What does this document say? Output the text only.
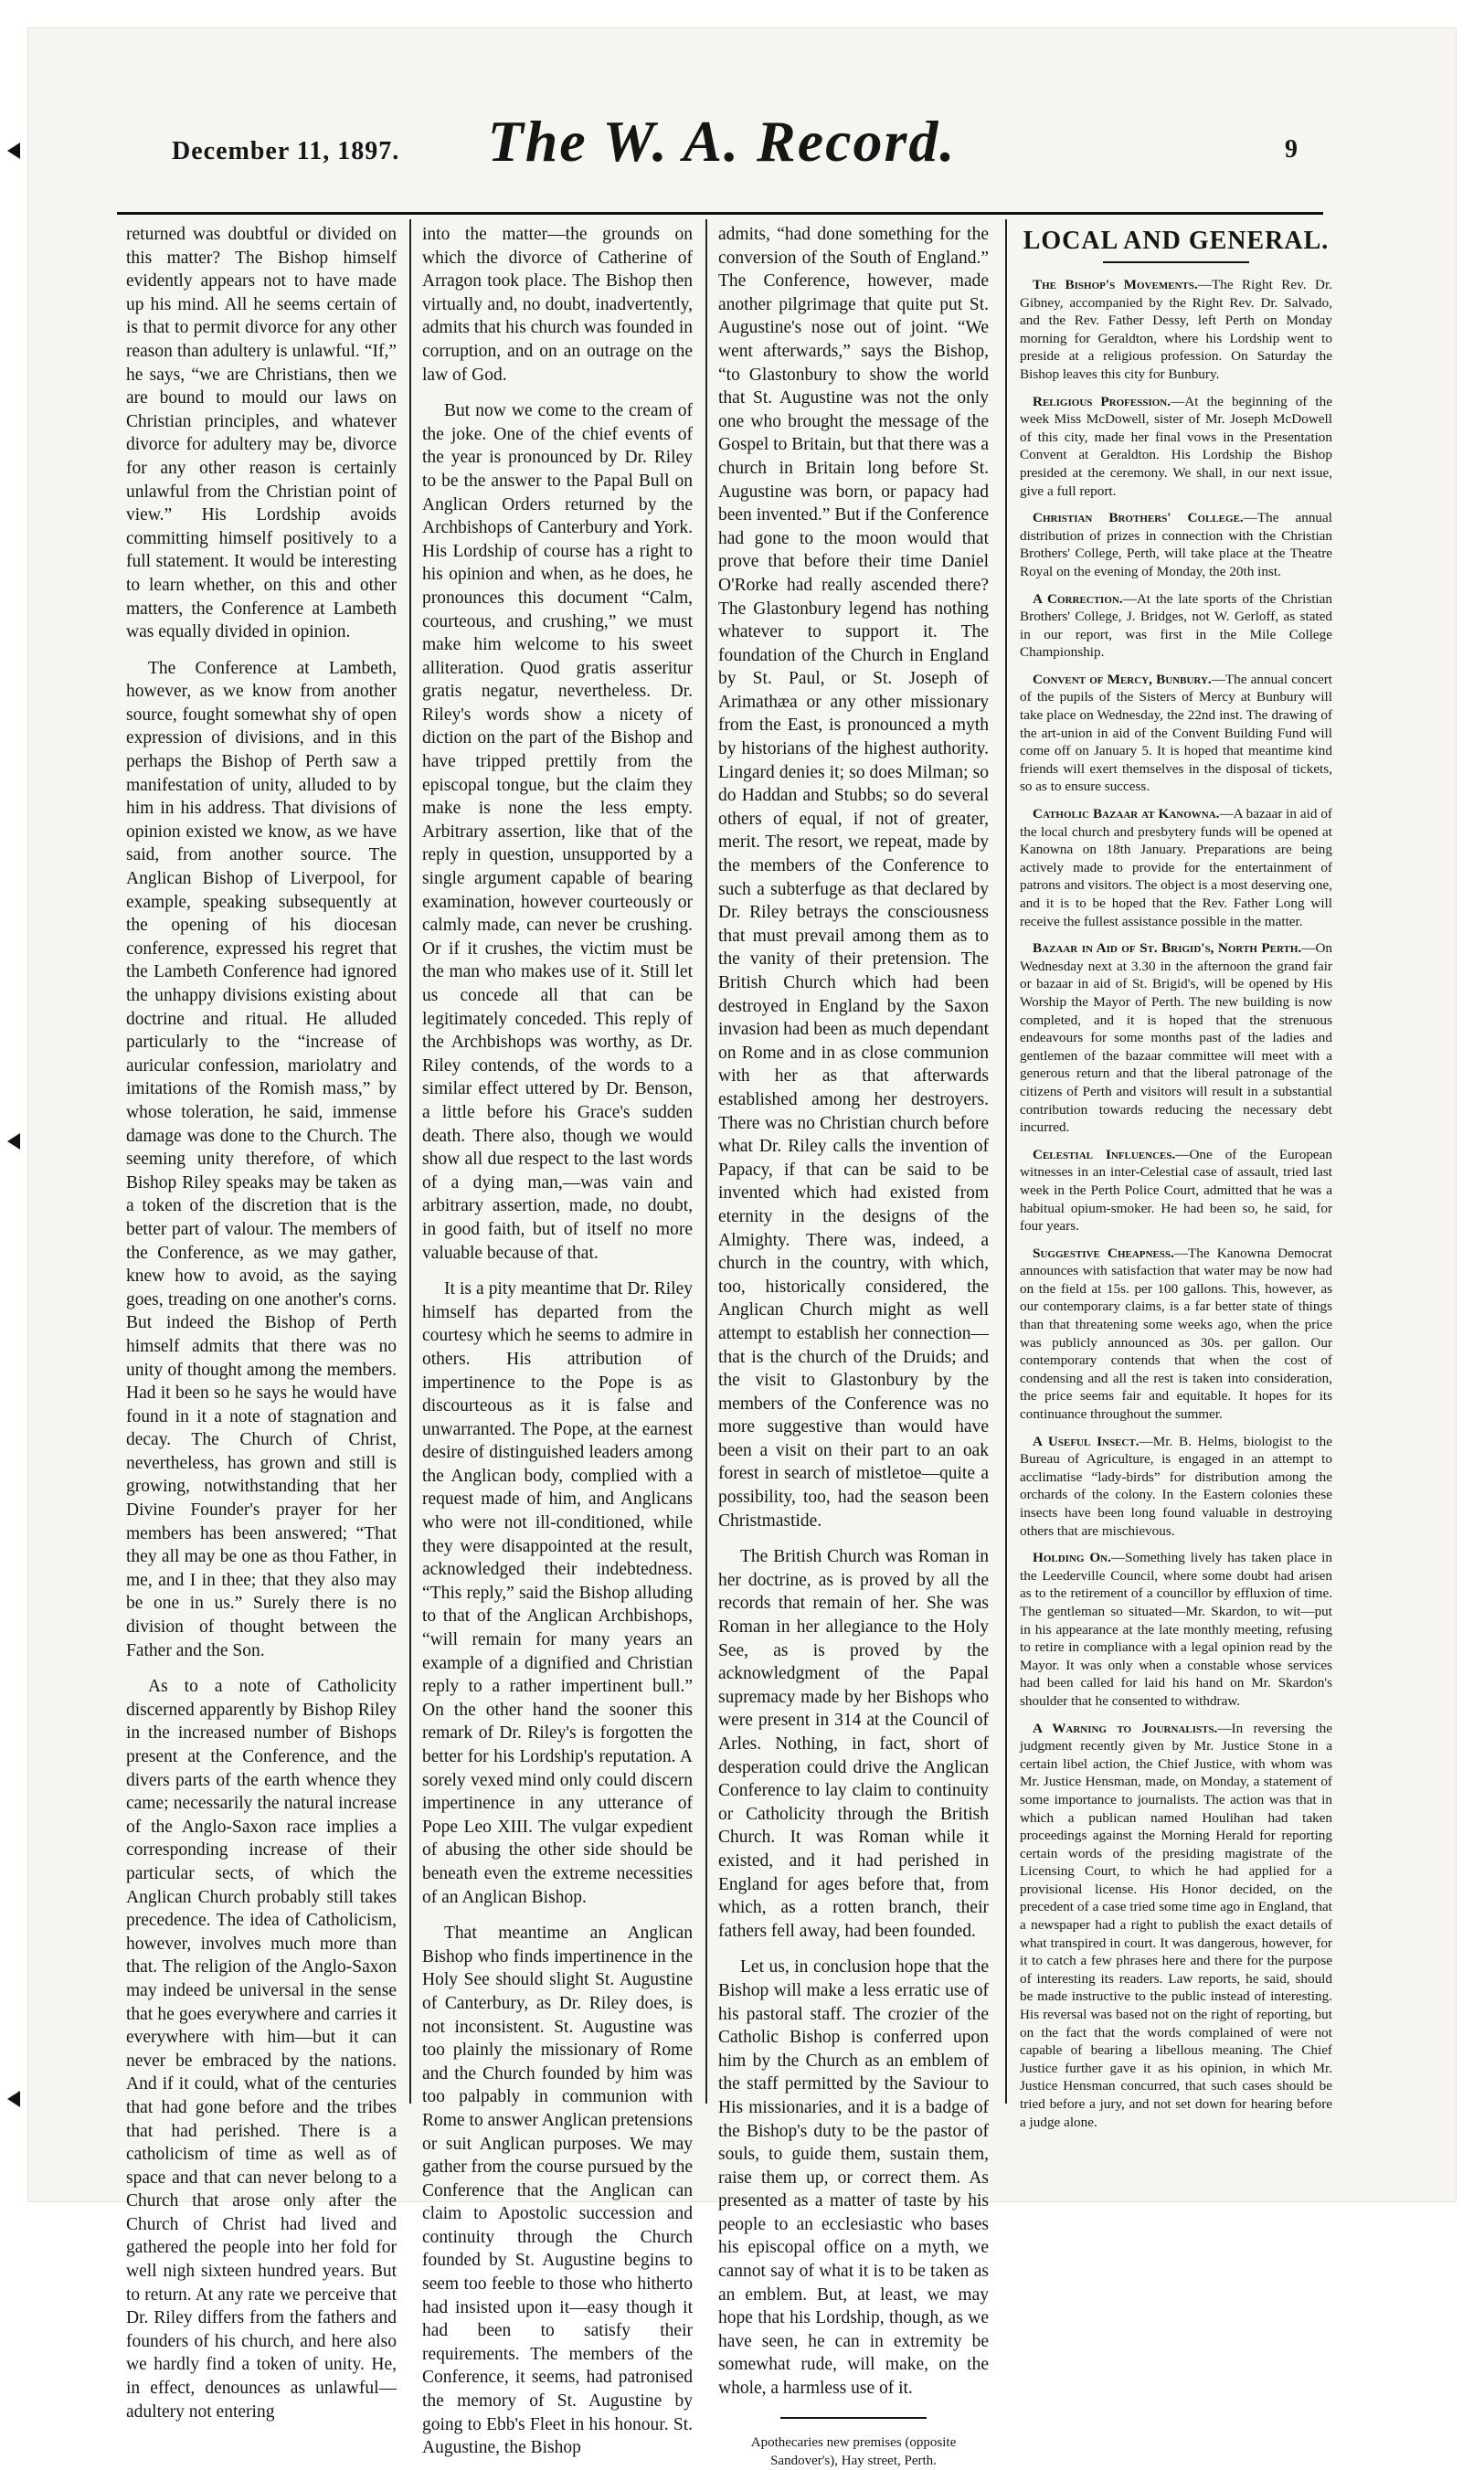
December 11, 1897.	The W. A. Record.	9

returned was doubtful or divided on this matter? The Bishop himself evidently appears not to have made up his mind. All he seems certain of is that to permit divorce for any other reason than adultery is unlawful. “If,” he says, “we are Christians, then we are bound to mould our laws on Christian principles, and whatever divorce for adultery may be, divorce for any other reason is certainly unlawful from the Christian point of view.” His Lordship avoids committing himself positively to a full statement. It would be interesting to learn whether, on this and other matters, the Conference at Lambeth was equally divided in opinion.

The Conference at Lambeth, however, as we know from another source, fought somewhat shy of open expression of divisions, and in this perhaps the Bishop of Perth saw a manifestation of unity, alluded to by him in his address. That divisions of opinion existed we know, as we have said, from another source. The Anglican Bishop of Liverpool, for example, speaking subsequently at the opening of his diocesan conference, expressed his regret that the Lambeth Conference had ignored the unhappy divisions existing about doctrine and ritual. He alluded particularly to the “increase of auricular confession, mariolatry and imitations of the Romish mass,” by whose toleration, he said, immense damage was done to the Church. The seeming unity therefore, of which Bishop Riley speaks may be taken as a token of the discretion that is the better part of valour. The members of the Conference, as we may gather, knew how to avoid, as the saying goes, treading on one another's corns. But indeed the Bishop of Perth himself admits that there was no unity of thought among the members. Had it been so he says he would have found in it a note of stagnation and decay. The Church of Christ, nevertheless, has grown and still is growing, notwithstanding that her Divine Founder's prayer for her members has been answered; “That they all may be one as thou Father, in me, and I in thee; that they also may be one in us.” Surely there is no division of thought between the Father and the Son.

As to a note of Catholicity discerned apparently by Bishop Riley in the increased number of Bishops present at the Conference, and the divers parts of the earth whence they came; necessarily the natural increase of the Anglo-Saxon race implies a corresponding increase of their particular sects, of which the Anglican Church probably still takes precedence. The idea of Catholicism, however, involves much more than that. The religion of the Anglo-Saxon may indeed be universal in the sense that he goes everywhere and carries it everywhere with him—but it can never be embraced by the nations. And if it could, what of the centuries that had gone before and the tribes that had perished. There is a catholicism of time as well as of space and that can never belong to a Church that arose only after the Church of Christ had lived and gathered the people into her fold for well nigh sixteen hundred years. But to return. At any rate we perceive that Dr. Riley differs from the fathers and founders of his church, and here also we hardly find a token of unity. He, in effect, denounces as unlawful—adultery not entering

into the matter—the grounds on which the divorce of Catherine of Arragon took place. The Bishop then virtually and, no doubt, inadvertently, admits that his church was founded in corruption, and on an outrage on the law of God.

But now we come to the cream of the joke. One of the chief events of the year is pronounced by Dr. Riley to be the answer to the Papal Bull on Anglican Orders returned by the Archbishops of Canterbury and York. His Lordship of course has a right to his opinion and when, as he does, he pronounces this document “Calm, courteous, and crushing,” we must make him welcome to his sweet alliteration. Quod gratis asseritur gratis negatur, nevertheless. Dr. Riley's words show a nicety of diction on the part of the Bishop and have tripped prettily from the episcopal tongue, but the claim they make is none the less empty. Arbitrary assertion, like that of the reply in question, unsupported by a single argument capable of bearing examination, however courteously or calmly made, can never be crushing. Or if it crushes, the victim must be the man who makes use of it. Still let us concede all that can be legitimately conceded. This reply of the Archbishops was worthy, as Dr. Riley contends, of the words to a similar effect uttered by Dr. Benson, a little before his Grace's sudden death. There also, though we would show all due respect to the last words of a dying man,—was vain and arbitrary assertion, made, no doubt, in good faith, but of itself no more valuable because of that.

It is a pity meantime that Dr. Riley himself has departed from the courtesy which he seems to admire in others. His attribution of impertinence to the Pope is as discourteous as it is false and unwarranted. The Pope, at the earnest desire of distinguished leaders among the Anglican body, complied with a request made of him, and Anglicans who were not ill-conditioned, while they were disappointed at the result, acknowledged their indebtedness. “This reply,” said the Bishop alluding to that of the Anglican Archbishops, “will remain for many years an example of a dignified and Christian reply to a rather impertinent bull.” On the other hand the sooner this remark of Dr. Riley's is forgotten the better for his Lordship's reputation. A sorely vexed mind only could discern impertinence in any utterance of Pope Leo XIII. The vulgar expedient of abusing the other side should be beneath even the extreme necessities of an Anglican Bishop.

That meantime an Anglican Bishop who finds impertinence in the Holy See should slight St. Augustine of Canterbury, as Dr. Riley does, is not inconsistent. St. Augustine was too plainly the missionary of Rome and the Church founded by him was too palpably in communion with Rome to answer Anglican pretensions or suit Anglican purposes. We may gather from the course pursued by the Conference that the Anglican can claim to Apostolic succession and continuity through the Church founded by St. Augustine begins to seem too feeble to those who hitherto had insisted upon it—easy though it had been to satisfy their requirements. The members of the Conference, it seems, had patronised the memory of St. Augustine by going to Ebb's Fleet in his honour. St. Augustine, the Bishop

admits, “had done something for the conversion of the South of England.” The Conference, however, made another pilgrimage that quite put St. Augustine's nose out of joint. “We went afterwards,” says the Bishop, “to Glastonbury to show the world that St. Augustine was not the only one who brought the message of the Gospel to Britain, but that there was a church in Britain long before St. Augustine was born, or papacy had been invented.” But if the Conference had gone to the moon would that prove that before their time Daniel O'Rorke had really ascended there? The Glastonbury legend has nothing whatever to support it. The foundation of the Church in England by St. Paul, or St. Joseph of Arimathæa or any other missionary from the East, is pronounced a myth by historians of the highest authority. Lingard denies it; so does Milman; so do Haddan and Stubbs; so do several others of equal, if not of greater, merit. The resort, we repeat, made by the members of the Conference to such a subterfuge as that declared by Dr. Riley betrays the consciousness that must prevail among them as to the vanity of their pretension. The British Church which had been destroyed in England by the Saxon invasion had been as much dependant on Rome and in as close communion with her as that afterwards established among her destroyers. There was no Christian church before what Dr. Riley calls the invention of Papacy, if that can be said to be invented which had existed from eternity in the designs of the Almighty. There was, indeed, a church in the country, with which, too, historically considered, the Anglican Church might as well attempt to establish her connection—that is the church of the Druids; and the visit to Glastonbury by the members of the Conference was no more suggestive than would have been a visit on their part to an oak forest in search of mistletoe—quite a possibility, too, had the season been Christmastide.

The British Church was Roman in her doctrine, as is proved by all the records that remain of her. She was Roman in her allegiance to the Holy See, as is proved by the acknowledgment of the Papal supremacy made by her Bishops who were present in 314 at the Council of Arles. Nothing, in fact, short of desperation could drive the Anglican Conference to lay claim to continuity or Catholicity through the British Church. It was Roman while it existed, and it had perished in England for ages before that, from which, as a rotten branch, their fathers fell away, had been founded.

Let us, in conclusion hope that the Bishop will make a less erratic use of his pastoral staff. The crozier of the Catholic Bishop is conferred upon him by the Church as an emblem of the staff permitted by the Saviour to His missionaries, and it is a badge of the Bishop's duty to be the pastor of souls, to guide them, sustain them, raise them up, or correct them. As presented as a matter of taste by his people to an ecclesiastic who bases his episcopal office on a myth, we cannot say of what it is to be taken as an emblem. But, at least, we may hope that his Lordship, though, as we have seen, he can in extremity be somewhat rude, will make, on the whole, a harmless use of it.

Apothecaries new premises (opposite Sandover's), Hay street, Perth.

LOCAL AND GENERAL.

The Bishop's Movements.—The Right Rev. Dr. Gibney, accompanied by the Right Rev. Dr. Salvado, and the Rev. Father Dessy, left Perth on Monday morning for Geraldton, where his Lordship went to preside at a religious profession. On Saturday the Bishop leaves this city for Bunbury.

Religious Profession.—At the beginning of the week Miss McDowell, sister of Mr. Joseph McDowell of this city, made her final vows in the Presentation Convent at Geraldton. His Lordship the Bishop presided at the ceremony. We shall, in our next issue, give a full report.

Christian Brothers' College.—The annual distribution of prizes in connection with the Christian Brothers' College, Perth, will take place at the Theatre Royal on the evening of Monday, the 20th inst.

A Correction.—At the late sports of the Christian Brothers' College, J. Bridges, not W. Gerloff, as stated in our report, was first in the Mile College Championship.

Convent of Mercy, Bunbury.—The annual concert of the pupils of the Sisters of Mercy at Bunbury will take place on Wednesday, the 22nd inst. The drawing of the art-union in aid of the Convent Building Fund will come off on January 5. It is hoped that meantime kind friends will exert themselves in the disposal of tickets, so as to ensure success.

Catholic Bazaar at Kanowna.—A bazaar in aid of the local church and presbytery funds will be opened at Kanowna on 18th January. Preparations are being actively made to provide for the entertainment of patrons and visitors. The object is a most deserving one, and it is to be hoped that the Rev. Father Long will receive the fullest assistance possible in the matter.

Bazaar in Aid of St. Brigid's, North Perth.—On Wednesday next at 3.30 in the afternoon the grand fair or bazaar in aid of St. Brigid's, will be opened by His Worship the Mayor of Perth. The new building is now completed, and it is hoped that the strenuous endeavours for some months past of the ladies and gentlemen of the bazaar committee will meet with a generous return and that the liberal patronage of the citizens of Perth and visitors will result in a substantial contribution towards reducing the necessary debt incurred.

Celestial Influences.—One of the European witnesses in an inter-Celestial case of assault, tried last week in the Perth Police Court, admitted that he was a habitual opium-smoker. He had been so, he said, for four years.

Suggestive Cheapness.—The Kanowna Democrat announces with satisfaction that water may be now had on the field at 15s. per 100 gallons. This, however, as our contemporary claims, is a far better state of things than that threatening some weeks ago, when the price was publicly announced as 30s. per gallon. Our contemporary contends that when the cost of condensing and all the rest is taken into consideration, the price seems fair and equitable. It hopes for its continuance throughout the summer.

A Useful Insect.—Mr. B. Helms, biologist to the Bureau of Agriculture, is engaged in an attempt to acclimatise “lady-birds” for distribution among the orchards of the colony. In the Eastern colonies these insects have been long found valuable in destroying others that are mischievous.

Holding On.—Something lively has taken place in the Leederville Council, where some doubt had arisen as to the retirement of a councillor by effluxion of time. The gentleman so situated—Mr. Skardon, to wit—put in his appearance at the late monthly meeting, refusing to retire in compliance with a legal opinion read by the Mayor. It was only when a constable whose services had been called for laid his hand on Mr. Skardon's shoulder that he consented to withdraw.

A Warning to Journalists.—In reversing the judgment recently given by Mr. Justice Stone in a certain libel action, the Chief Justice, with whom was Mr. Justice Hensman, made, on Monday, a statement of some importance to journalists. The action was that in which a publican named Houlihan had taken proceedings against the Morning Herald for reporting certain words of the presiding magistrate of the Licensing Court, to which he had applied for a provisional license. His Honor decided, on the precedent of a case tried some time ago in England, that a newspaper had a right to publish the exact details of what transpired in court. It was dangerous, however, for it to catch a few phrases here and there for the purpose of interesting its readers. Law reports, he said, should be made instructive to the public instead of interesting. His reversal was based not on the right of reporting, but on the fact that the words complained of were not capable of bearing a libellous meaning. The Chief Justice further gave it as his opinion, in which Mr. Justice Hensman concurred, that such cases should be tried before a jury, and not set down for hearing before a judge alone.
